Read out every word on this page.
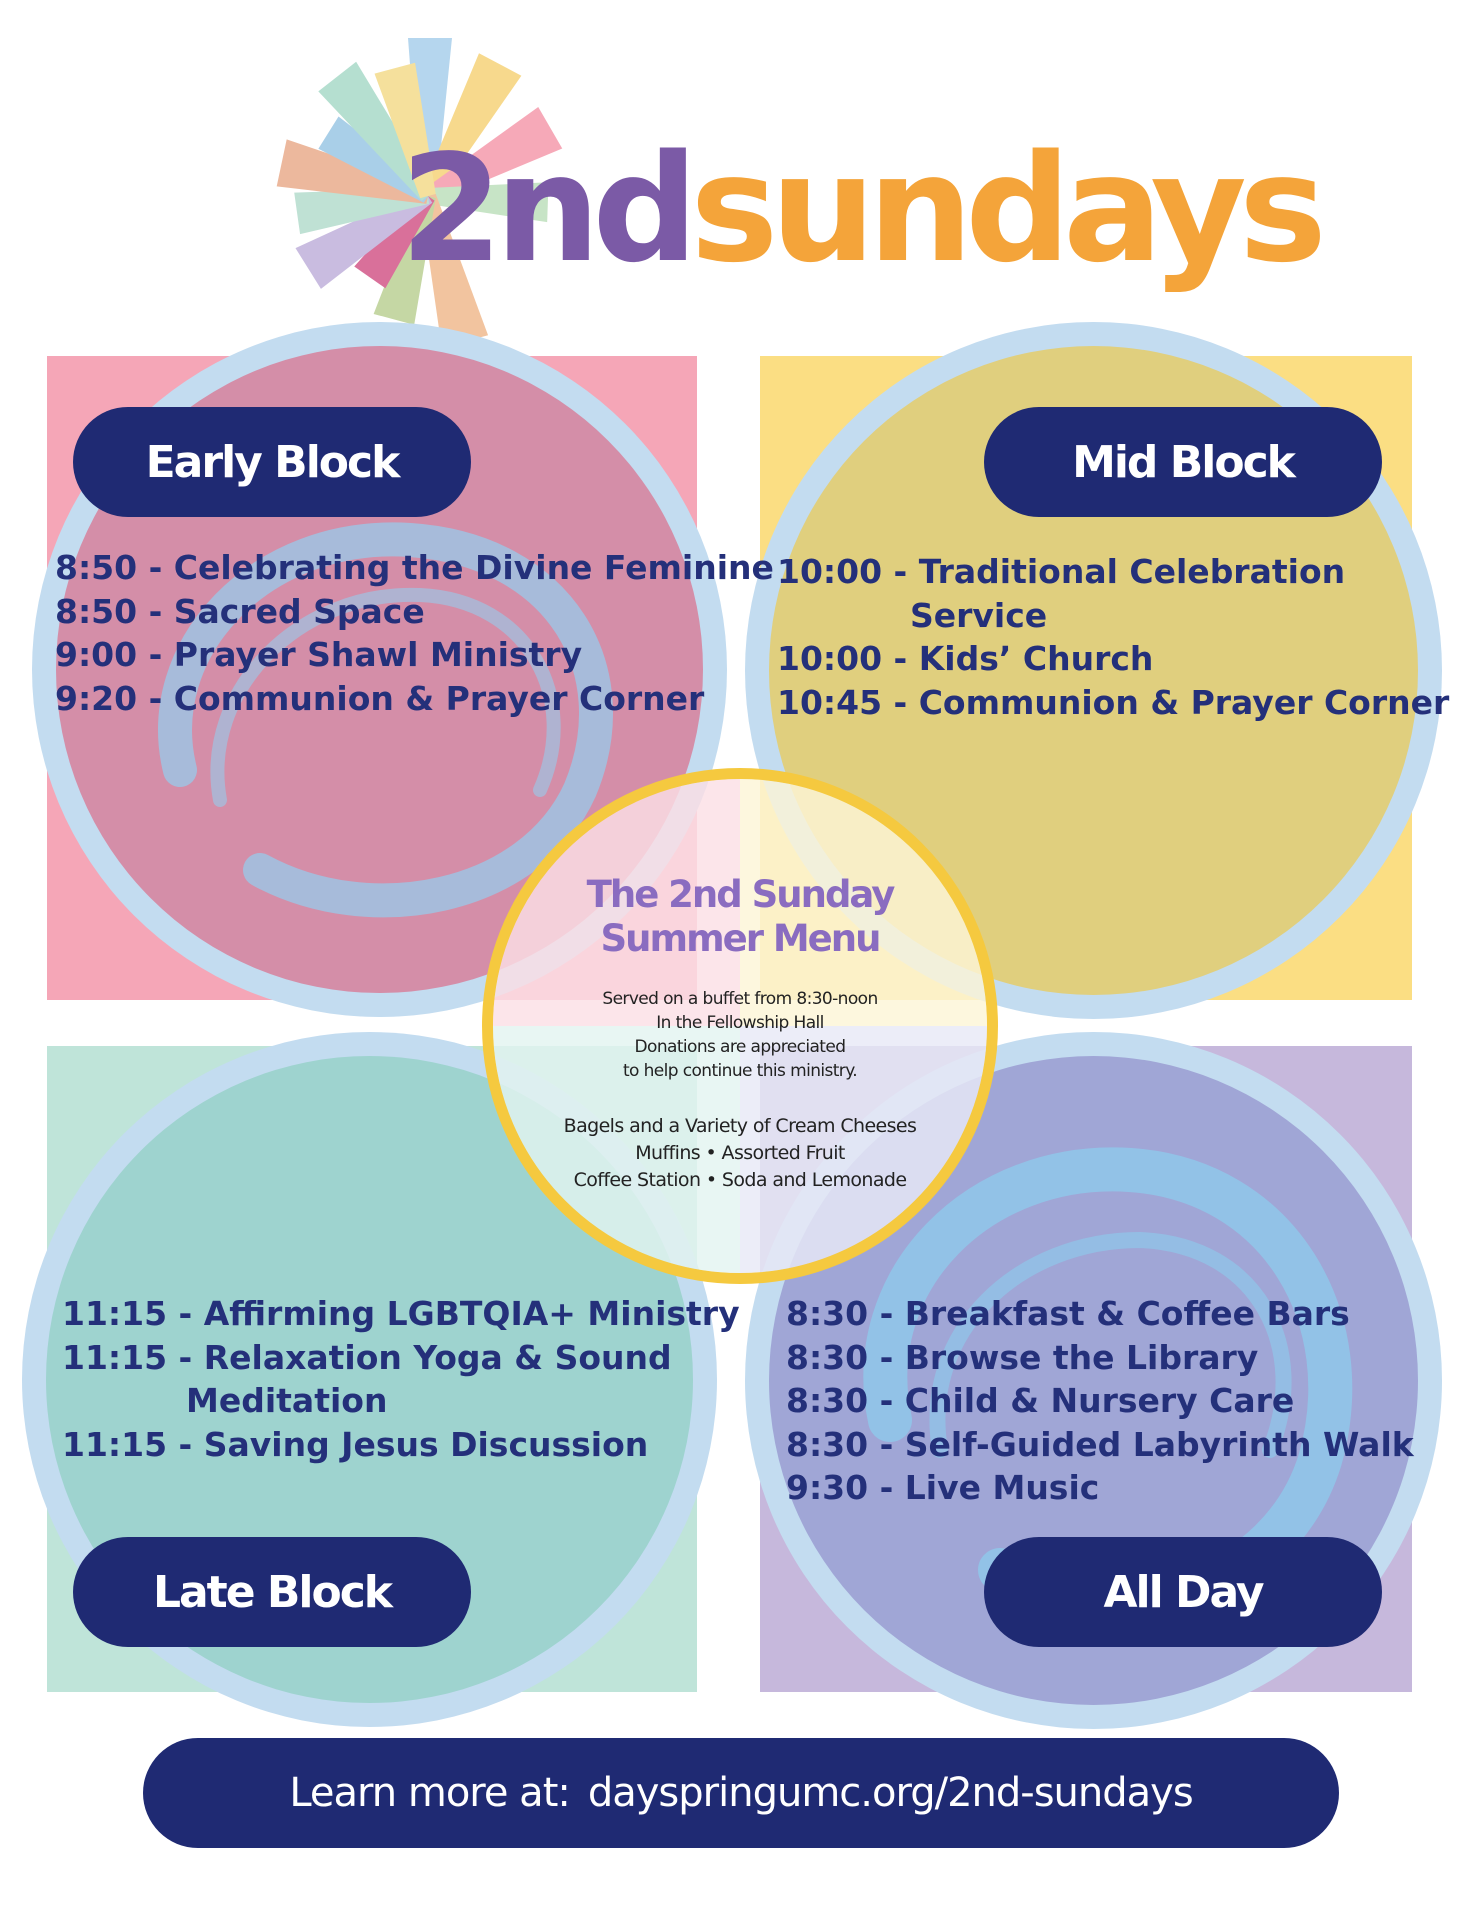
2ndsundays
Early Block	Mid Block
Late Block	All Day
8:50 - Celebrating the Divine Feminine
8:50 - Sacred Space
9:00 - Prayer Shawl Ministry
9:20 - Communion & Prayer Corner
10:00 - Traditional Celebration
Service
10:00 - Kids’ Church
10:45 - Communion & Prayer Corner
11:15 - Affirming LGBTQIA+ Ministry
11:15 - Relaxation Yoga & Sound
Meditation
11:15 - Saving Jesus Discussion
8:30 - Breakfast & Coffee Bars
8:30 - Browse the Library
8:30 - Child & Nursery Care
8:30 - Self-Guided Labyrinth Walk
9:30 - Live Music
The 2nd Sunday
Summer Menu
Served on a buffet from 8:30-noon
In the Fellowship Hall
Donations are appreciated
to help continue this ministry.
Bagels and a Variety of Cream Cheeses
Muffins • Assorted Fruit
Coffee Station • Soda and Lemonade
Learn more at: dayspringumc.org/2nd-sundays
